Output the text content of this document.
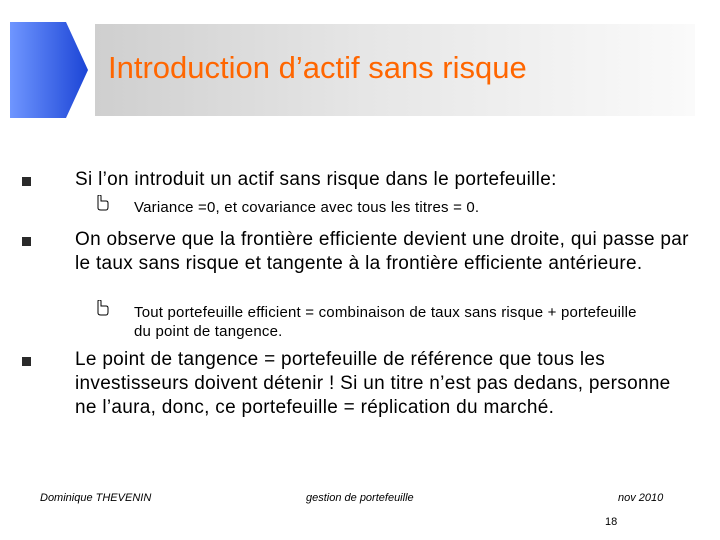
Introduction d’actif sans risque
Si l’on introduit un actif sans risque dans le portefeuille:
Variance =0, et covariance avec tous les titres = 0.
On observe que la frontière efficiente devient une droite, qui passe par le taux sans risque et tangente à la frontière efficiente antérieure.
Tout portefeuille efficient = combinaison de taux sans risque + portefeuille du point de tangence.
Le point de tangence = portefeuille de référence que tous les investisseurs doivent détenir ! Si un titre n’est pas dedans, personne ne l’aura, donc, ce portefeuille = réplication du marché.
Dominique THEVENIN	gestion de portefeuille	nov 2010
18
